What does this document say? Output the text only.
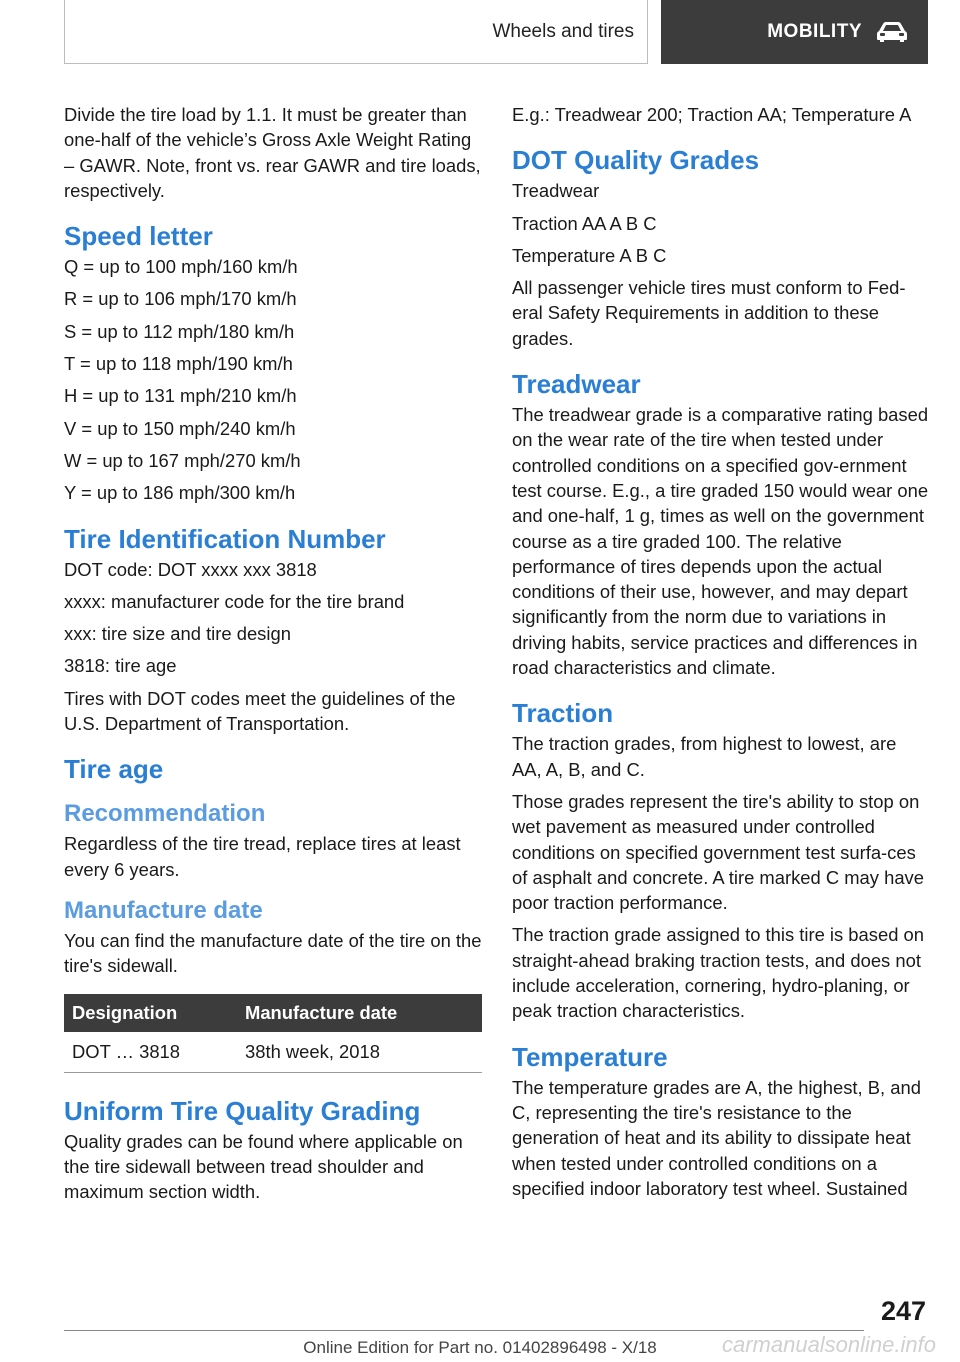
Wheels and tires	MOBILITY

Divide the tire load by 1.1. It must be greater than one-half of the vehicle’s Gross Axle Weight Rating – GAWR. Note, front vs. rear GAWR and tire loads, respectively.

Speed letter

Q = up to 100 mph/160 km/h

R = up to 106 mph/170 km/h

S = up to 112 mph/180 km/h

T = up to 118 mph/190 km/h

H = up to 131 mph/210 km/h

V = up to 150 mph/240 km/h

W = up to 167 mph/270 km/h

Y = up to 186 mph/300 km/h

Tire Identification Number

DOT code: DOT xxxx xxx 3818

xxxx: manufacturer code for the tire brand

xxx: tire size and tire design

3818: tire age

Tires with DOT codes meet the guidelines of the U.S. Department of Transportation.

Tire age
Recommendation

Regardless of the tire tread, replace tires at least every 6 years.

Manufacture date

You can find the manufacture date of the tire on the tire's sidewall.

Designation	Manufacture date
DOT … 3818	38th week, 2018
Uniform Tire Quality Grading

Quality grades can be found where applicable on the tire sidewall between tread shoulder and maximum section width.

E.g.: Treadwear 200; Traction AA; Temperature A

DOT Quality Grades

Treadwear

Traction AA A B C

Temperature A B C

All passenger vehicle tires must conform to Fed‐eral Safety Requirements in addition to these grades.

Treadwear

The treadwear grade is a comparative rating based on the wear rate of the tire when tested under controlled conditions on a specified gov‐ernment test course. E.g., a tire graded 150 would wear one and one-half, 1 g, times as well on the government course as a tire graded 100. The relative performance of tires depends upon the actual conditions of their use, however, and may depart significantly from the norm due to variations in driving habits, service practices and differences in road characteristics and climate.

Traction

The traction grades, from highest to lowest, are AA, A, B, and C.

Those grades represent the tire's ability to stop on wet pavement as measured under controlled conditions on specified government test surfa‐ces of asphalt and concrete. A tire marked C may have poor traction performance.

The traction grade assigned to this tire is based on straight-ahead braking traction tests, and does not include acceleration, cornering, hydro‐planing, or peak traction characteristics.

Temperature

The temperature grades are A, the highest, B, and C, representing the tire's resistance to the generation of heat and its ability to dissipate heat when tested under controlled conditions on a specified indoor laboratory test wheel. Sustained

247
Online Edition for Part no. 01402896498 - X/18	carmanualsonline.info
